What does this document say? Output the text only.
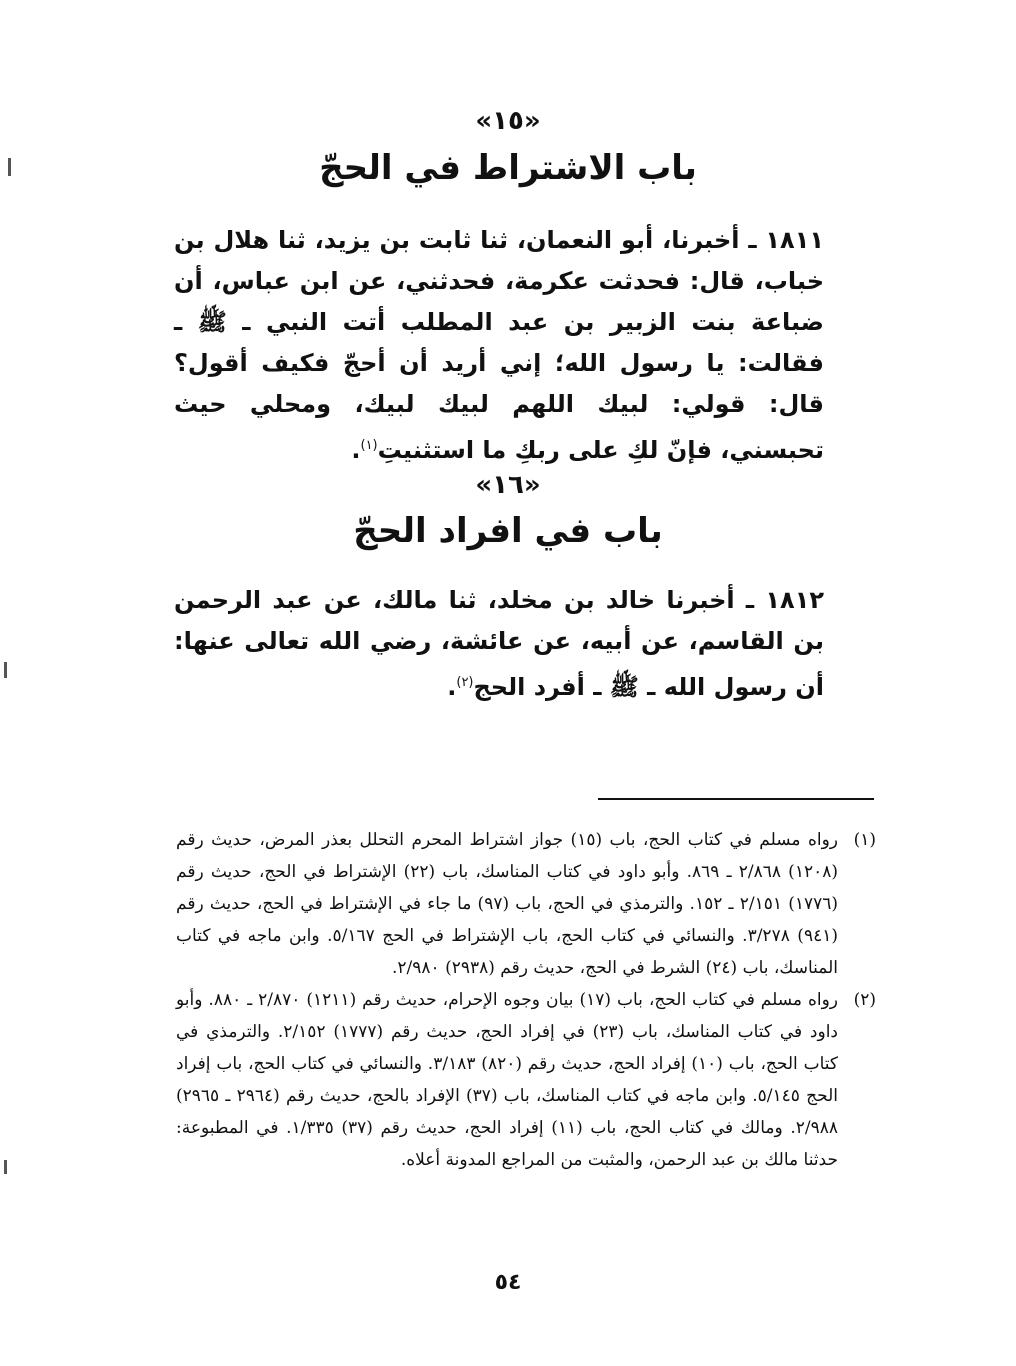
«١٥»
باب الاشتراط في الحجّ
١٨١١ ـ أخبرنا، أبو النعمان، ثنا ثابت بن يزيد، ثنا هلال بن خباب، قال: فحدثت عكرمة، فحدثني، عن ابن عباس، أن ضباعة بنت الزبير بن عبد المطلب أتت النبي ـ ﷺ ـ فقالت: يا رسول الله؛ إني أريد أن أحجّ فكيف أقول؟ قال: قولي: لبيك اللهم لبيك لبيك، ومحلي حيث تحبسني، فإنّ لكِ على ربكِ ما استثنيتِ$^{(١)}$.
«١٦»
باب في افراد الحجّ
١٨١٢ ـ أخبرنا خالد بن مخلد، ثنا مالك، عن عبد الرحمن بن القاسم، عن أبيه، عن عائشة، رضي الله تعالى عنها: أن رسول الله ـ ﷺ ـ أفرد الحج$^{(٢)}$.
(١)
رواه مسلم في كتاب الحج، باب (١٥) جواز اشتراط المحرم التحلل بعذر المرض، حديث رقم (١٢٠٨) ٢/٨٦٨ ـ ٨٦٩. وأبو داود في كتاب المناسك، باب (٢٢) الإشتراط في الحج، حديث رقم (١٧٧٦) ٢/١٥١ ـ ١٥٢. والترمذي في الحج، باب (٩٧) ما جاء في الإشتراط في الحج، حديث رقم (٩٤١) ٣/٢٧٨. والنسائي في كتاب الحج، باب الإشتراط في الحج ٥/١٦٧. وابن ماجه في كتاب المناسك، باب (٢٤) الشرط في الحج، حديث رقم (٢٩٣٨) ٢/٩٨٠.
(٢)
رواه مسلم في كتاب الحج، باب (١٧) بيان وجوه الإحرام، حديث رقم (١٢١١) ٢/٨٧٠ ـ ٨٨٠. وأبو داود في كتاب المناسك، باب (٢٣) في إفراد الحج، حديث رقم (١٧٧٧) ٢/١٥٢. والترمذي في كتاب الحج، باب (١٠) إفراد الحج، حديث رقم (٨٢٠) ٣/١٨٣. والنسائي في كتاب الحج، باب إفراد الحج ٥/١٤٥. وابن ماجه في كتاب المناسك، باب (٣٧) الإفراد بالحج، حديث رقم (٢٩٦٤ ـ ٢٩٦٥) ٢/٩٨٨. ومالك في كتاب الحج، باب (١١) إفراد الحج، حديث رقم (٣٧) ١/٣٣٥. في المطبوعة: حدثنا مالك بن عبد الرحمن، والمثبت من المراجع المدونة أعلاه.
٥٤
